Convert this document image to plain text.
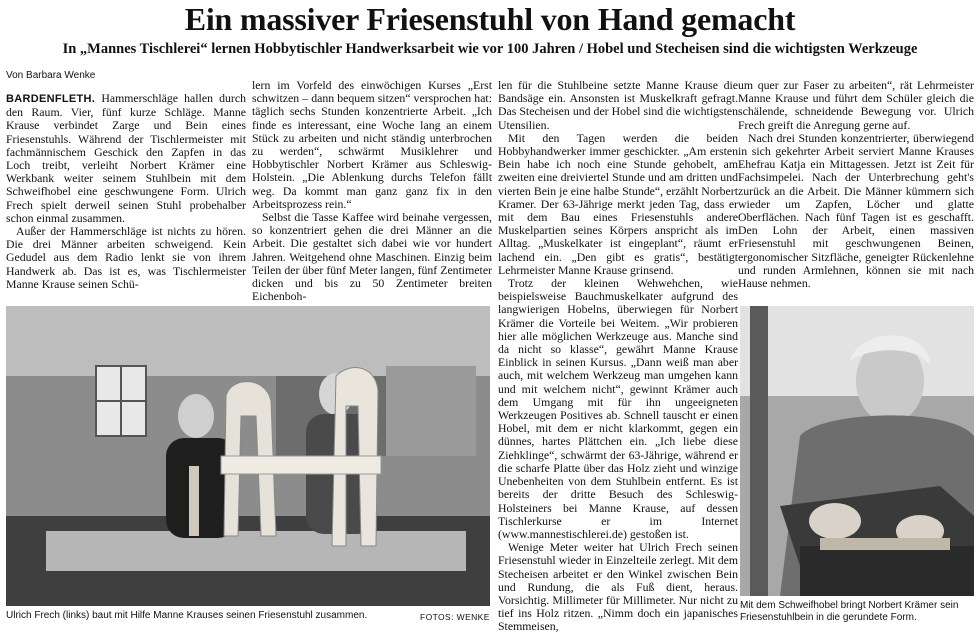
Ein massiver Friesenstuhl von Hand gemacht
In „Mannes Tischlerei“ lernen Hobbytischler Handwerksarbeit wie vor 100 Jahren / Hobel und Stecheisen sind die wichtigsten Werkzeuge
Von Barbara Wenke

BARDENFLETH. Hammerschläge hallen durch den Raum. Vier, fünf kurze Schläge. Manne Krause verbindet Zarge und Bein eines Friesenstuhls. Während der Tischlermeister mit fachmännischem Geschick den Zapfen in das Loch treibt, verleiht Norbert Krämer eine Werkbank weiter seinem Stuhlbein mit dem Schweifhobel eine geschwungene Form. Ulrich Frech spielt derweil seinen Stuhl probehalber schon einmal zusammen.

Außer der Hammerschläge ist nichts zu hören. Die drei Männer arbeiten schweigend. Kein Gedudel aus dem Radio lenkt sie von ihrem Handwerk ab. Das ist es, was Tischlermeister Manne Krause seinen Schü-

lern im Vorfeld des einwöchigen Kurses „Erst schwitzen – dann bequem sitzen“ versprochen hat: täglich sechs Stunden konzentrierte Arbeit. „Ich finde es interessant, eine Woche lang an einem Stück zu arbeiten und nicht ständig unterbrochen zu werden“, schwärmt Musiklehrer und Hobbytischler Norbert Krämer aus Schleswig-Holstein. „Die Ablenkung durchs Telefon fällt weg. Da kommt man ganz ganz fix in den Arbeitsprozess rein.“

Selbst die Tasse Kaffee wird beinahe vergessen, so konzentriert gehen die drei Männer an die Arbeit. Die gestaltet sich dabei wie vor hundert Jahren. Weitgehend ohne Maschinen. Einzig beim Teilen der über fünf Meter langen, fünf Zentimeter dicken und bis zu 50 Zentimeter breiten Eichenboh-

len für die Stuhlbeine setzte Manne Krause die Bandsäge ein. Ansonsten ist Muskelkraft gefragt. Das Stecheisen und der Hobel sind die wichtigsten Utensilien.

Mit den Tagen werden die beiden Hobbyhandwerker immer geschickter. „Am ersten Bein habe ich noch eine Stunde gehobelt, am zweiten eine dreiviertel Stunde und am dritten und vierten Bein je eine halbe Stunde“, erzählt Norbert Kramer. Der 63-Jährige merkt jeden Tag, dass er mit dem Bau eines Friesenstuhls andere Muskelpartien seines Körpers anspricht als im Alltag. „Muskelkater ist eingeplant“, räumt er lachend ein. „Den gibt es gratis“, bestätigt Lehrmeister Manne Krause grinsend.

Trotz der kleinen Wehwehchen, wie beispielsweise Bauchmuskelkater aufgrund des langwierigen Hobelns, überwiegen für Norbert Krämer die Vorteile bei Weitem. „Wir probieren hier alle möglichen Werkzeuge aus. Manche sind da nicht so klasse“, gewährt Manne Krause Einblick in seinen Kursus. „Dann weiß man aber auch, mit welchem Werkzeug man umgehen kann und mit welchem nicht“, gewinnt Krämer auch dem Umgang mit für ihn ungeeigneten Werkzeugen Positives ab. Schnell tauscht er einen Hobel, mit dem er nicht klarkommt, gegen ein dünnes, hartes Plättchen ein. „Ich liebe diese Ziehklinge“, schwärmt der 63-Jährige, während er die scharfe Platte über das Holz zieht und winzige Unebenheiten von dem Stuhlbein entfernt. Es ist bereits der dritte Besuch des Schleswig-Holsteiners bei Manne Krause, auf dessen Tischlerkurse er im Internet (www.mannestischlerei.de) gestoßen ist.

Wenige Meter weiter hat Ulrich Frech seinen Friesenstuhl wieder in Einzelteile zerlegt. Mit dem Stecheisen arbeitet er den Winkel zwischen Bein und Rundung, die als Fuß dient, heraus. Vorsichtig. Millimeter für Millimeter. Nur nicht zu tief ins Holz ritzen. „Nimm doch ein japanisches Stemmeisen,

um quer zur Faser zu arbeiten“, rät Lehrmeister Manne Krause und führt dem Schüler gleich die schälende, schneidende Bewegung vor. Ulrich Frech greift die Anregung gerne auf.

Nach drei Stunden konzentrierter, überwiegend in sich gekehrter Arbeit serviert Manne Krauses Ehefrau Katja ein Mittagessen. Jetzt ist Zeit für Fachsimpelei. Nach der Unterbrechung geht's zurück an die Arbeit. Die Männer kümmern sich wieder um Zapfen, Löcher und glatte Oberflächen. Nach fünf Tagen ist es geschafft. Den Lohn der Arbeit, einen massiven Friesenstuhl mit geschwungenen Beinen, ergonomischer Sitzfläche, geneigter Rückenlehne und runden Armlehnen, können sie mit nach Hause nehmen.

Ulrich Frech (links) baut mit Hilfe Manne Krauses seinen Friesenstuhl zusammen.	FOTOS: WENKE
Mit dem Schweifhobel bringt Norbert Krämer sein Friesenstuhlbein in die gerundete Form.
